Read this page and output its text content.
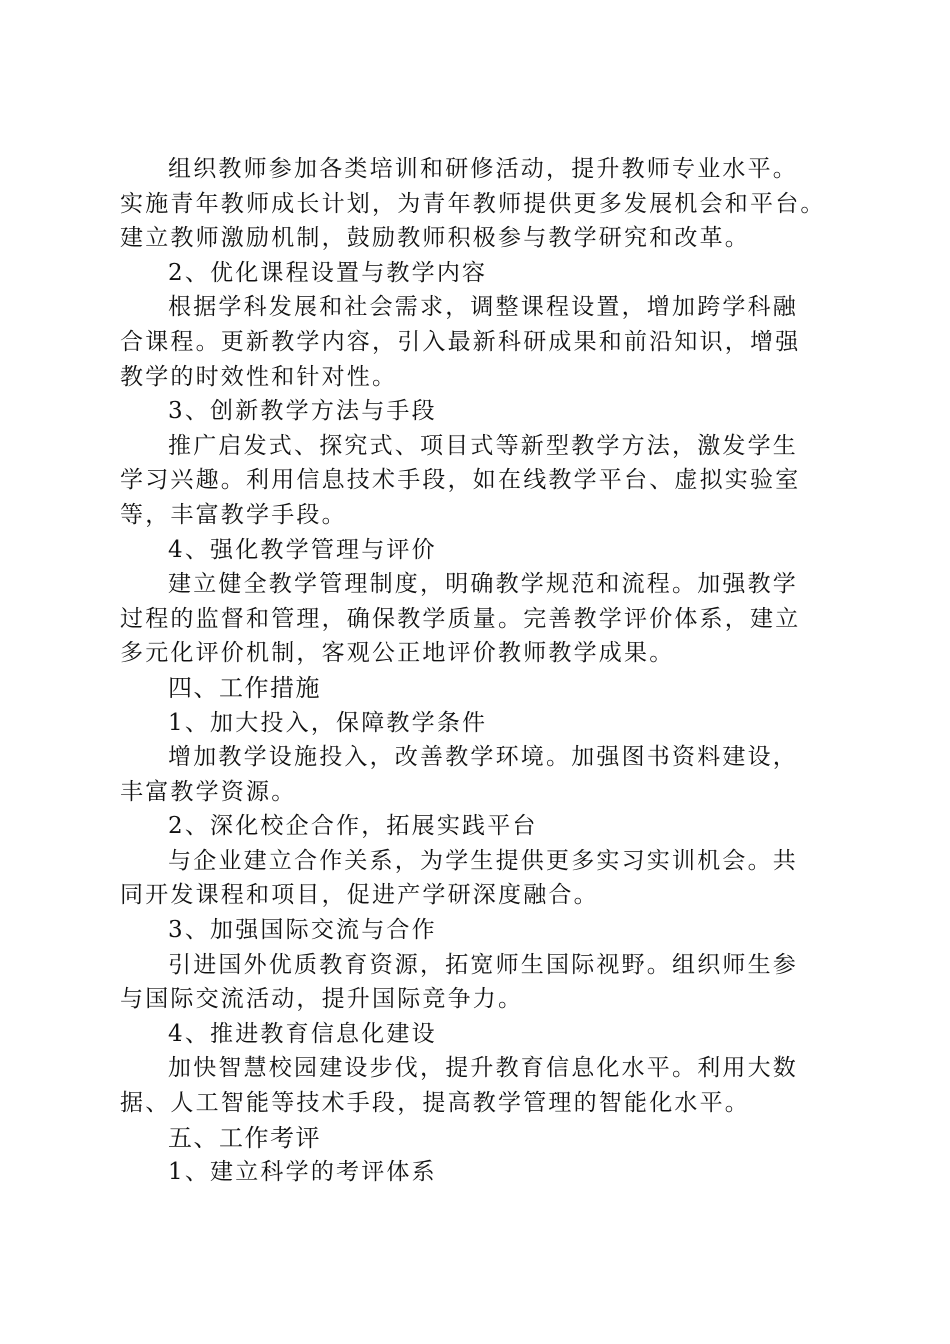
组织教师参加各类培训和研修活动，提升教师专业水平。
实施青年教师成长计划，为青年教师提供更多发展机会和平台。
建立教师激励机制，鼓励教师积极参与教学研究和改革。
2、优化课程设置与教学内容
根据学科发展和社会需求，调整课程设置，增加跨学科融
合课程。更新教学内容，引入最新科研成果和前沿知识，增强
教学的时效性和针对性。
3、创新教学方法与手段
推广启发式、探究式、项目式等新型教学方法，激发学生
学习兴趣。利用信息技术手段，如在线教学平台、虚拟实验室
等，丰富教学手段。
4、强化教学管理与评价
建立健全教学管理制度，明确教学规范和流程。加强教学
过程的监督和管理，确保教学质量。完善教学评价体系，建立
多元化评价机制，客观公正地评价教师教学成果。
四、工作措施
1、加大投入，保障教学条件
增加教学设施投入，改善教学环境。加强图书资料建设，
丰富教学资源。
2、深化校企合作，拓展实践平台
与企业建立合作关系，为学生提供更多实习实训机会。共
同开发课程和项目，促进产学研深度融合。
3、加强国际交流与合作
引进国外优质教育资源，拓宽师生国际视野。组织师生参
与国际交流活动，提升国际竞争力。
4、推进教育信息化建设
加快智慧校园建设步伐，提升教育信息化水平。利用大数
据、人工智能等技术手段，提高教学管理的智能化水平。
五、工作考评
1、建立科学的考评体系
